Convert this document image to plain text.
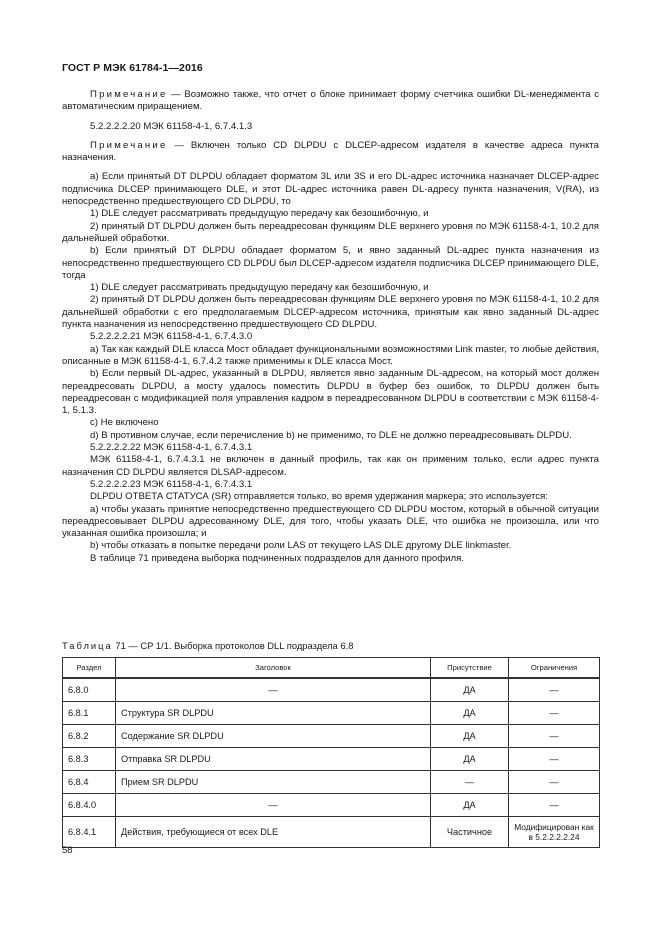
ГОСТ Р МЭК 61784-1—2016

Примечание — Возможно также, что отчет о блоке принимает форму счетчика ошибки DL-менеджмента с автоматическим приращением.

5.2.2.2.2.20 МЭК 61158-4-1, 6.7.4.1.3

Примечание — Включен только CD DLPDU с DLCEP-адресом издателя в качестве адреса пункта назначения.

а) Если принятый DT DLPDU обладает форматом 3L или 3S и его DL-адрес источника назначает DLCEP-адрес подписчика DLCEP принимающего DLE, и этот DL-адрес источника равен DL-адресу пункта назначения, V(RA), из непосредственно предшествующего CD DLPDU, то

1) DLE следует рассматривать предыдущую передачу как безошибочную, и

2) принятый DT DLPDU должен быть переадресован функциям DLE верхнего уровня по МЭК 61158-4-1, 10.2 для дальнейшей обработки.

b) Если принятый DT DLPDU обладает форматом 5, и явно заданный DL-адрес пункта назначения из непосредственно предшествующего CD DLPDU был DLCEP-адресом издателя подписчика DLCEP принимающего DLE, тогда

1) DLE следует рассматривать предыдущую передачу как безошибочную, и

2) принятый DT DLPDU должен быть переадресован функциям DLE верхнего уровня по МЭК 61158-4-1, 10.2 для дальнейшей обработки с его предполагаемым DLCEP-адресом источника, принятым как явно заданный DL-адрес пункта назначения из непосредственно предшествующего CD DLPDU.

5.2.2.2.2.21 МЭК 61158-4-1, 6.7.4.3.0

а) Так как каждый DLE класса Мост обладает функциональными возможностями Link master, то любые действия, описанные в МЭК 61158-4-1, 6.7.4.2 также применимы к DLE класса Мост.

b) Если первый DL-адрес, указанный в DLPDU, является явно заданным DL-адресом, на который мост должен переадресовать DLPDU, а мосту удалось поместить DLPDU в буфер без ошибок, то DLPDU должен быть переадресован с модификацией поля управления кадром в переадресованном DLPDU в соответствии с МЭК 61158-4-1, 5.1.3.

с) Не включено

d) В противном случае, если перечисление b) не применимо, то DLE не должно переадресовывать DLPDU.

5.2.2.2.2.22 МЭК 61158-4-1, 6.7.4.3.1

МЭК 61158-4-1, 6.7.4.3.1 не включен в данный профиль, так как он применим только, если адрес пункта назначения CD DLPDU является DLSAP-адресом.

5.2.2.2.2.23 МЭК 61158-4-1, 6.7.4.3.1

DLPDU ОТВЕТА СТАТУСА (SR) отправляется только, во время удержания маркера; это используется:

а) чтобы указать принятие непосредственно предшествующего CD DLPDU мостом, который в обычной ситуации переадресовывает DLPDU адресованному DLE, для того, чтобы указать DLE, что ошибка не произошла, или что указанная ошибка произошла; и

b) чтобы отказать в попытке передачи роли LAS от текущего LAS DLE другому DLE linkmaster.

В таблице 71 приведена выборка подчиненных подразделов для данного профиля.

Таблица 71 — CP 1/1. Выборка протоколов DLL подраздела 6.8
Раздел	Заголовок	Присутствие	Ограничения
6.8.0	—	ДА	—
6.8.1	Структура SR DLPDU	ДА	—
6.8.2	Содержание SR DLPDU	ДА	—
6.8.3	Отправка SR DLPDU	ДА	—
6.8.4	Прием SR DLPDU	—	—
6.8.4.0	—	ДА	—
6.8.4.1	Действия, требующиеся от всех DLE	Частичное	Модифицирован как в 5.2.2.2.2.24
58
